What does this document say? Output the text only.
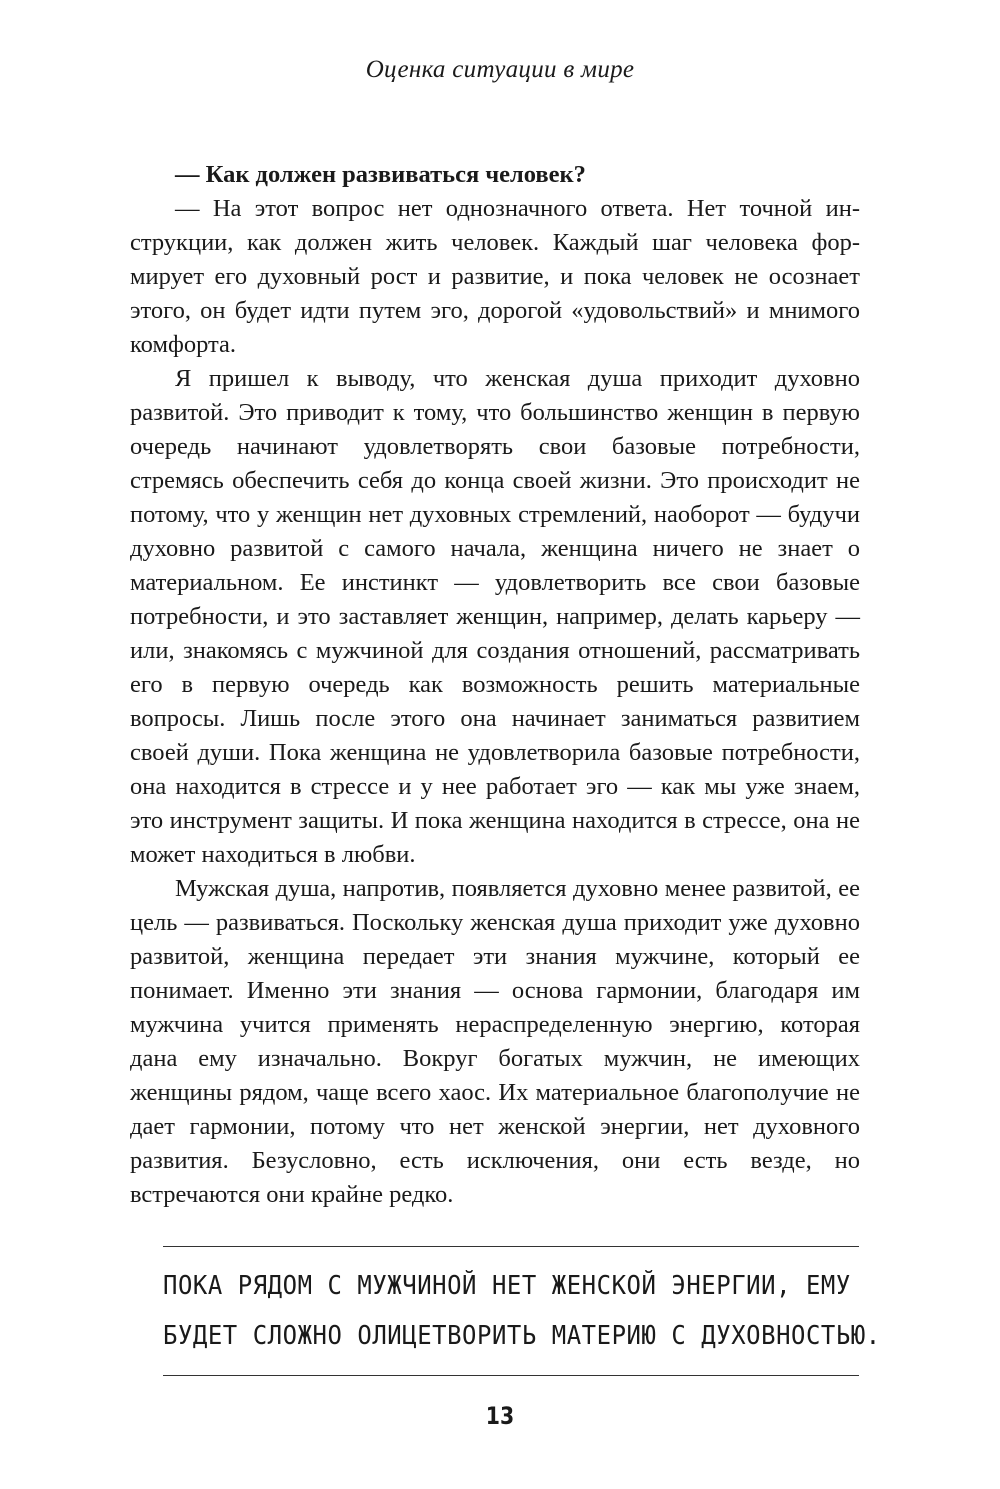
Оценка ситуации в мире

— Как должен развиваться человек?

— На этот вопрос нет однозначного ответа. Нет точной инструкции, как должен жить человек. Каждый шаг человека формирует его духовный рост и развитие, и пока человек не осознает этого, он будет идти путем эго, дорогой «удовольствий» и мнимого комфорта.

Я пришел к выводу, что женская душа приходит духовно развитой. Это приводит к тому, что большинство женщин в первую очередь начинают удовлетворять свои базовые потребности, стремясь обеспечить себя до конца своей жизни. Это происходит не потому, что у женщин нет духовных стремлений, наоборот — будучи духовно развитой с самого начала, женщина ничего не знает о материальном. Ее инстинкт — удовлетворить все свои базовые потребности, и это заставляет женщин, например, делать карьеру — или, знакомясь с мужчиной для создания отношений, рассматривать его в первую очередь как возможность решить материальные вопросы. Лишь после этого она начинает заниматься развитием своей души. Пока женщина не удовлетворила базовые потребности, она находится в стрессе и у нее работает эго — как мы уже знаем, это инструмент защиты. И пока женщина находится в стрессе, она не может находиться в любви.

Мужская душа, напротив, появляется духовно менее развитой, ее цель — развиваться. Поскольку женская душа приходит уже духовно развитой, женщина передает эти знания мужчине, который ее понимает. Именно эти знания — основа гармонии, благодаря им мужчина учится применять нераспределенную энергию, которая дана ему изначально. Вокруг богатых мужчин, не имеющих женщины рядом, чаще всего хаос. Их материальное благополучие не дает гармонии, потому что нет женской энергии, нет духовного развития. Безусловно, есть исключения, они есть везде, но встречаются они крайне редко.

ПОКА РЯДОМ С МУЖЧИНОЙ НЕТ ЖЕНСКОЙ ЭНЕРГИИ, ЕМУ
БУДЕТ СЛОЖНО ОЛИЦЕТВОРИТЬ МАТЕРИЮ С ДУХОВНОСТЬЮ.
13
